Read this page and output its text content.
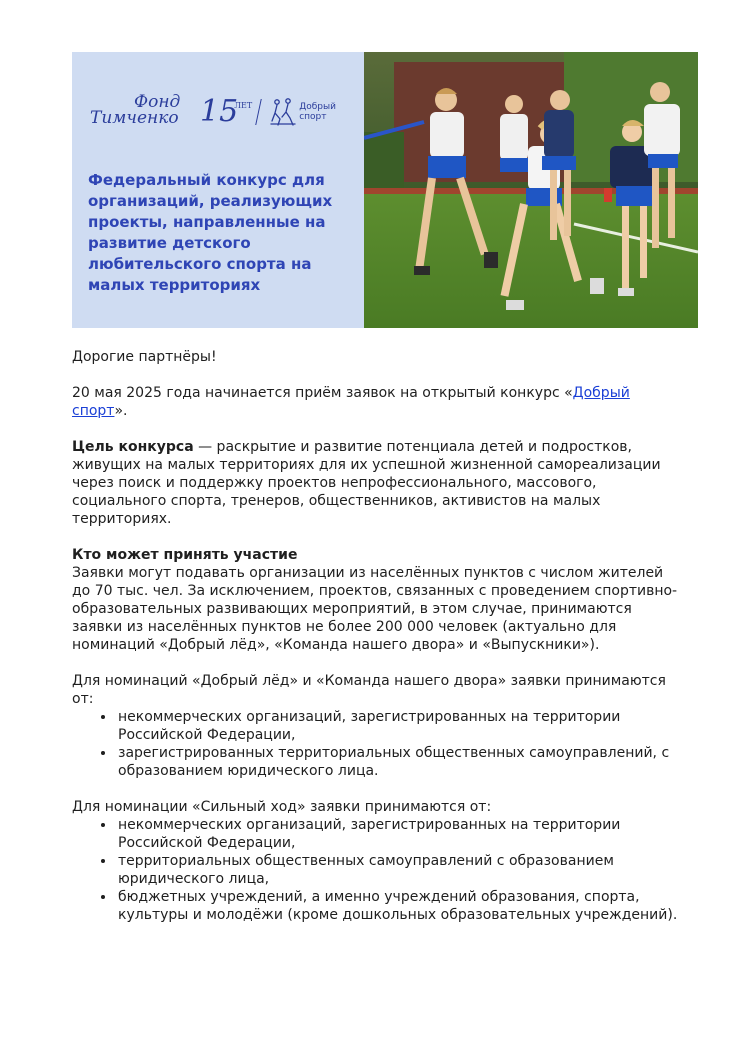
Фонд
Тимченко 15
ЛЕТ	Добрый
спорт
Федеральный конкурс для организаций, реализующих проекты, направленные на развитие детского любительского спорта на малых территориях

Дорогие партнёры!

20 мая 2025 года начинается приём заявок на открытый конкурс «Добрый спорт».

Цель конкурса — раскрытие и развитие потенциала детей и подростков, живущих на малых территориях для их успешной жизненной самореализации через поиск и поддержку проектов непрофессионального, массового, социального спорта, тренеров, общественников, активистов на малых территориях.

Кто может принять участие

Заявки могут подавать организации из населённых пунктов с числом жителей до 70 тыс. чел. За исключением, проектов, связанных с проведением спортивно-образовательных развивающих мероприятий, в этом случае, принимаются заявки из населённых пунктов не более 200 000 человек (актуально для номинаций «Добрый лёд», «Команда нашего двора» и «Выпускники»).

Для номинаций «Добрый лёд» и «Команда нашего двора» заявки принимаются от:

• некоммерческих организаций, зарегистрированных на территории Российской Федерации,
• зарегистрированных территориальных общественных самоуправлений, с образованием юридического лица.

Для номинации «Сильный ход» заявки принимаются от:

• некоммерческих организаций, зарегистрированных на территории Российской Федерации,
• территориальных общественных самоуправлений с образованием юридического лица,
• бюджетных учреждений, а именно учреждений образования, спорта, культуры и молодёжи (кроме дошкольных образовательных учреждений).
